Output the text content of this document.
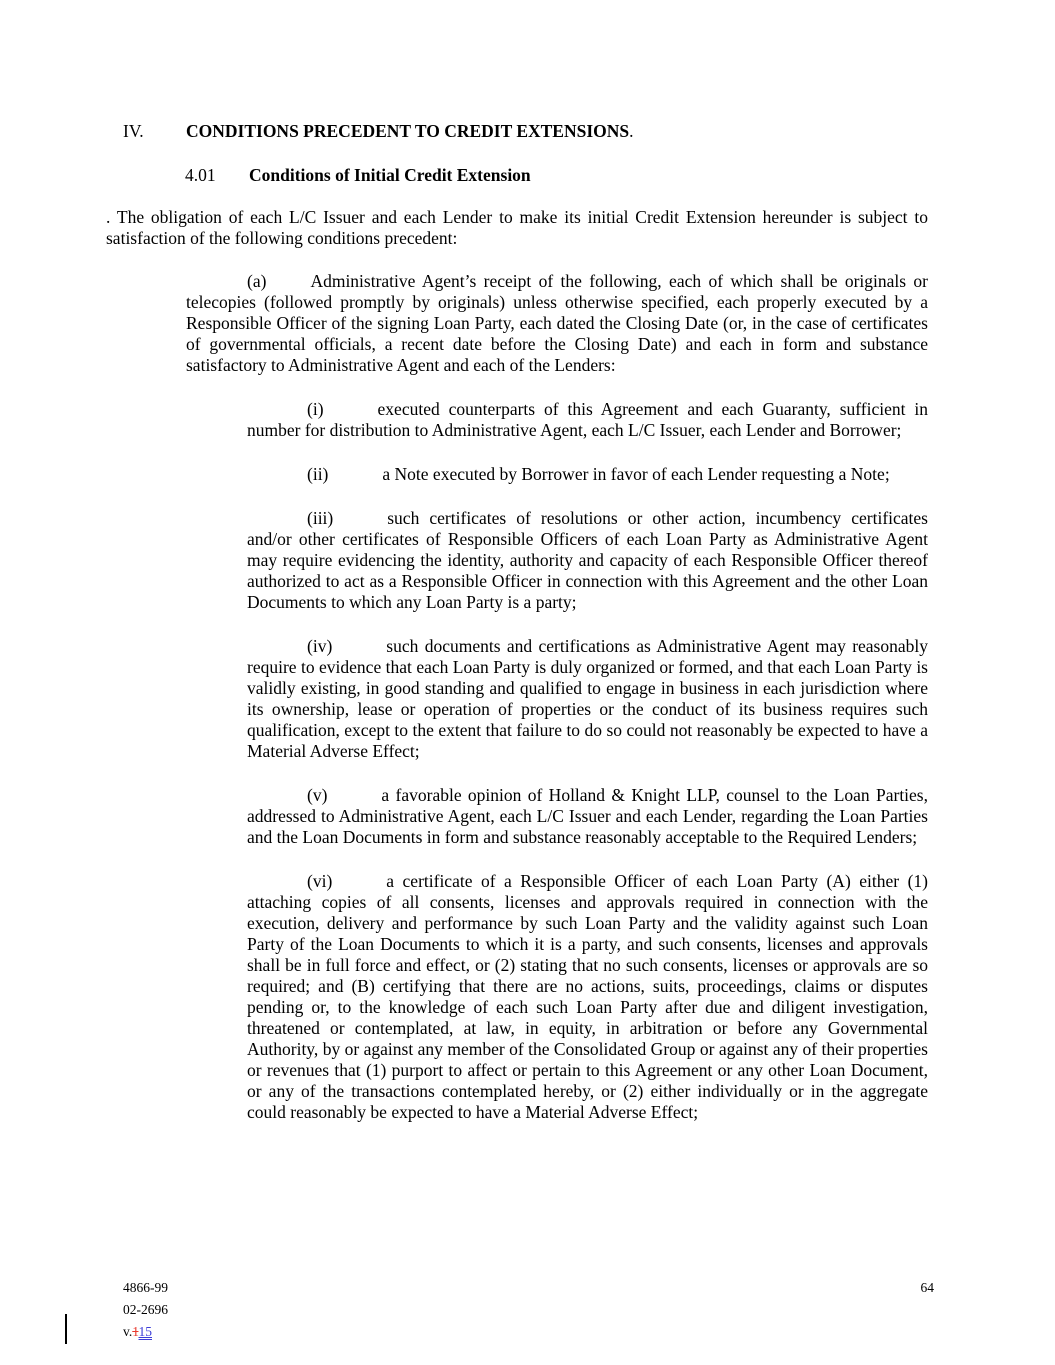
IV. CONDITIONS PRECEDENT TO CREDIT EXTENSIONS.
4.01 Conditions of Initial Credit Extension

. The obligation of each L/C Issuer and each Lender to make its initial Credit Extension hereunder is subject to satisfaction of the following conditions precedent:

(a)	Administrative Agent’s receipt of the following, each of which shall be originals or telecopies (followed promptly by originals) unless otherwise specified, each properly executed by a Responsible Officer of the signing Loan Party, each dated the Closing Date (or, in the case of certificates of governmental officials, a recent date before the Closing Date) and each in form and substance satisfactory to Administrative Agent and each of the Lenders:

(i)	executed counterparts of this Agreement and each Guaranty, sufficient in number for distribution to Administrative Agent, each L/C Issuer, each Lender and Borrower;

(ii)	a Note executed by Borrower in favor of each Lender requesting a Note;

(iii)	such certificates of resolutions or other action, incumbency certificates and/or other certificates of Responsible Officers of each Loan Party as Administrative Agent may require evidencing the identity, authority and capacity of each Responsible Officer thereof authorized to act as a Responsible Officer in connection with this Agreement and the other Loan Documents to which any Loan Party is a party;

(iv)	such documents and certifications as Administrative Agent may reasonably require to evidence that each Loan Party is duly organized or formed, and that each Loan Party is validly existing, in good standing and qualified to engage in business in each jurisdiction where its ownership, lease or operation of properties or the conduct of its business requires such qualification, except to the extent that failure to do so could not reasonably be expected to have a Material Adverse Effect;

(v)	a favorable opinion of Holland & Knight LLP, counsel to the Loan Parties, addressed to Administrative Agent, each L/C Issuer and each Lender, regarding the Loan Parties and the Loan Documents in form and substance reasonably acceptable to the Required Lenders;

(vi)	a certificate of a Responsible Officer of each Loan Party (A) either (1) attaching copies of all consents, licenses and approvals required in connection with the execution, delivery and performance by such Loan Party and the validity against such Loan Party of the Loan Documents to which it is a party, and such consents, licenses and approvals shall be in full force and effect, or (2) stating that no such consents, licenses or approvals are so required; and (B) certifying that there are no actions, suits, proceedings, claims or disputes pending or, to the knowledge of each such Loan Party after due and diligent investigation, threatened or contemplated, at law, in equity, in arbitration or before any Governmental Authority, by or against any member of the Consolidated Group or against any of their properties or revenues that (1) purport to affect or pertain to this Agreement or any other Loan Document, or any of the transactions contemplated hereby, or (2) either individually or in the aggregate could reasonably be expected to have a Material Adverse Effect;

4866-99
02-2696
v.115
64
